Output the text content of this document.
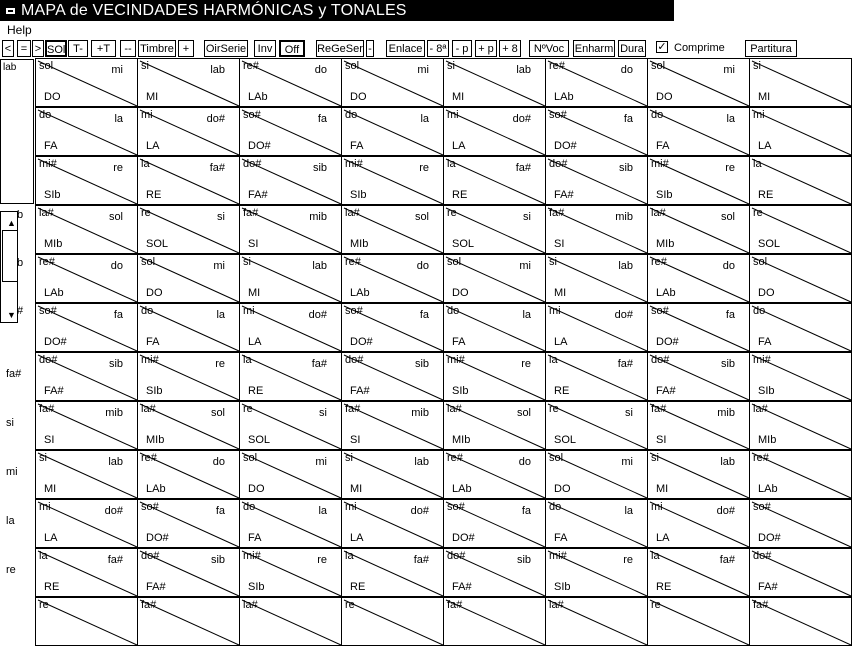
MAPA de VECINDADES HARMÓNICAS y TONALES
Help
✓ Comprime
< = > SOl T-	+T	-- Timbre +	OirSerie	Inv	Off	ReGeSer - Enlace - 8ª - p + p + 8	NºVoc Enharm Dura	Partitura
lab
▲
▼
b
b
#
fa#
si
mi
la
re
sol	mi
DO
si	lab
MI
re#	do
LAb
sol	mi
DO
si	lab
MI
re#	do
LAb
sol	mi
DO
si
MI
do	la
FA
mi	do#
LA
so#	fa
DO#
do	la
FA
mi	do#
LA
so#	fa
DO#
do	la
FA
mi
LA
mi#	re
SIb
la	fa#
RE
do#	sib
FA#
mi#	re
SIb
la	fa#
RE
do#	sib
FA#
mi#	re
SIb
la
RE
la#	sol
MIb
re	si
SOL
fa#	mib
SI
la#	sol
MIb
re	si
SOL
fa#	mib
SI
la#	sol
MIb
re
SOL
re#	do
LAb
sol	mi
DO
si	lab
MI
re#	do
LAb
sol	mi
DO
si	lab
MI
re#	do
LAb
sol
DO
so#	fa
DO#
do	la
FA
mi	do#
LA
so#	fa
DO#
do	la
FA
mi	do#
LA
so#	fa
DO#
do
FA
do#	sib
FA#
mi#	re
SIb
la	fa#
RE
do#	sib
FA#
mi#	re
SIb
la	fa#
RE
do#	sib
FA#
mi#
SIb
fa#	mib
SI
la#	sol
MIb
re	si
SOL
fa#	mib
SI
la#	sol
MIb
re	si
SOL
fa#	mib
SI
la#
MIb
si	lab
MI
re#	do
LAb
sol	mi
DO
si	lab
MI
re#	do
LAb
sol	mi
DO
si	lab
MI
re#
LAb
mi	do#
LA
so#	fa
DO#
do	la
FA
mi	do#
LA
so#	fa
DO#
do	la
FA
mi	do#
LA
so#
DO#
la	fa#
RE
do#	sib
FA#
mi#	re
SIb
la	fa#
RE
do#	sib
FA#
mi#	re
SIb
la	fa#
RE
do#
FA#
re	fa#	la#	re	fa#	la#	re	fa#
